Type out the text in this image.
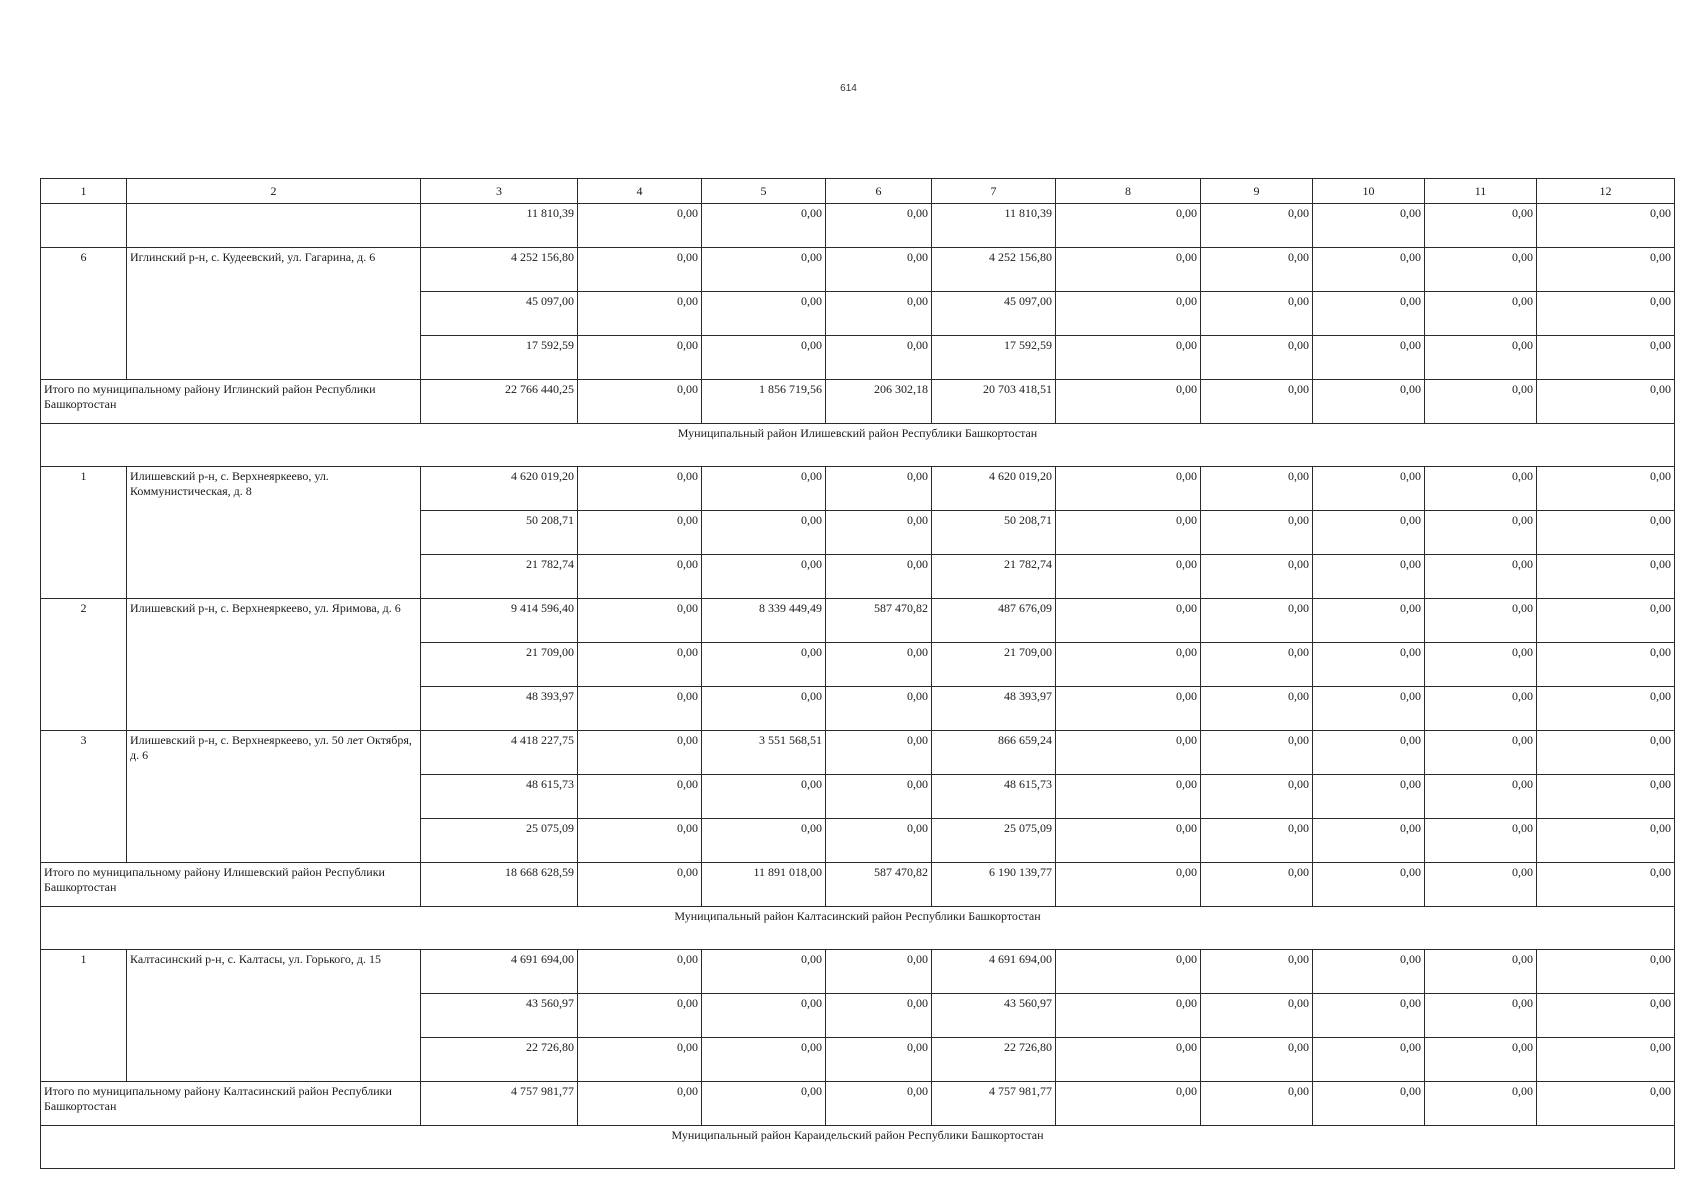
614
1	2	3	4	5	6	7	8	9	10	11	12
		11 810,39	0,00	0,00	0,00	11 810,39	0,00	0,00	0,00	0,00	0,00
6	Иглинский р-н, с. Кудеевский, ул. Гагарина, д. 6	4 252 156,80	0,00	0,00	0,00	4 252 156,80	0,00	0,00	0,00	0,00	0,00
		45 097,00	0,00	0,00	0,00	45 097,00	0,00	0,00	0,00	0,00	0,00
		17 592,59	0,00	0,00	0,00	17 592,59	0,00	0,00	0,00	0,00	0,00
Итого по муниципальному району Иглинский район Республики Башкортостан		22 766 440,25	0,00	1 856 719,56	206 302,18	20 703 418,51	0,00	0,00	0,00	0,00	0,00
Муниципальный район Илишевский район Республики Башкортостан											
1	Илишевский р-н, с. Верхнеяркеево, ул. Коммунистическая, д. 8	4 620 019,20	0,00	0,00	0,00	4 620 019,20	0,00	0,00	0,00	0,00	0,00
		50 208,71	0,00	0,00	0,00	50 208,71	0,00	0,00	0,00	0,00	0,00
		21 782,74	0,00	0,00	0,00	21 782,74	0,00	0,00	0,00	0,00	0,00
2	Илишевский р-н, с. Верхнеяркеево, ул. Яримова, д. 6	9 414 596,40	0,00	8 339 449,49	587 470,82	487 676,09	0,00	0,00	0,00	0,00	0,00
		21 709,00	0,00	0,00	0,00	21 709,00	0,00	0,00	0,00	0,00	0,00
		48 393,97	0,00	0,00	0,00	48 393,97	0,00	0,00	0,00	0,00	0,00
3	Илишевский р-н, с. Верхнеяркеево, ул. 50 лет Октября, д. 6	4 418 227,75	0,00	3 551 568,51	0,00	866 659,24	0,00	0,00	0,00	0,00	0,00
		48 615,73	0,00	0,00	0,00	48 615,73	0,00	0,00	0,00	0,00	0,00
		25 075,09	0,00	0,00	0,00	25 075,09	0,00	0,00	0,00	0,00	0,00
Итого по муниципальному району Илишевский район Республики Башкортостан		18 668 628,59	0,00	11 891 018,00	587 470,82	6 190 139,77	0,00	0,00	0,00	0,00	0,00
Муниципальный район Калтасинский район Республики Башкортостан											
1	Калтасинский р-н, с. Калтасы, ул. Горького, д. 15	4 691 694,00	0,00	0,00	0,00	4 691 694,00	0,00	0,00	0,00	0,00	0,00
		43 560,97	0,00	0,00	0,00	43 560,97	0,00	0,00	0,00	0,00	0,00
		22 726,80	0,00	0,00	0,00	22 726,80	0,00	0,00	0,00	0,00	0,00
Итого по муниципальному району Калтасинский район Республики Башкортостан		4 757 981,77	0,00	0,00	0,00	4 757 981,77	0,00	0,00	0,00	0,00	0,00
Муниципальный район Караидельский район Республики Башкортостан											
